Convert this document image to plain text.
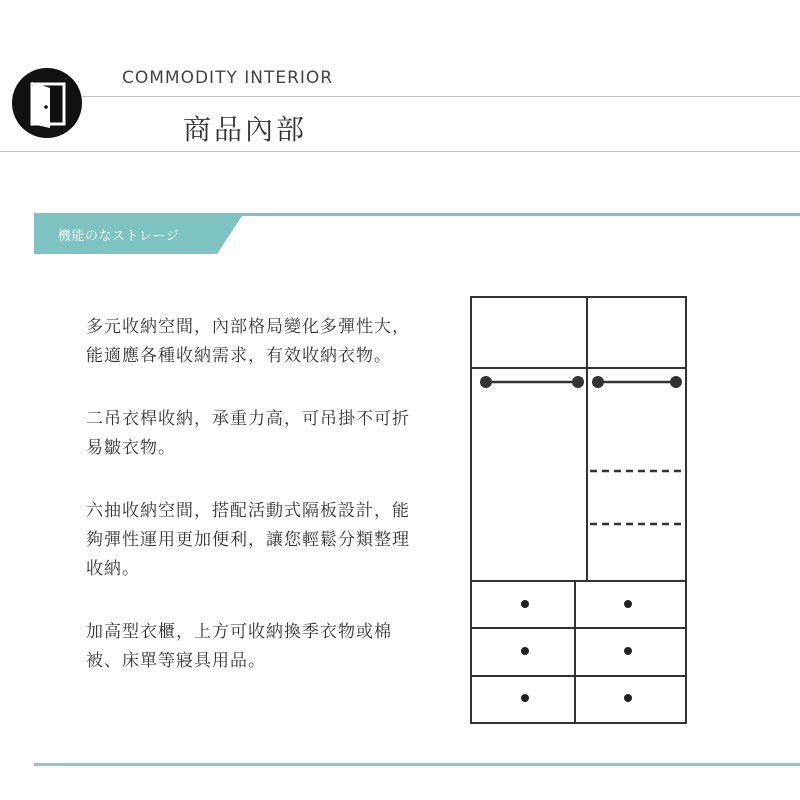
COMMODITY INTERIOR
商品內部
機能のなストレージ

多元收納空間，內部格局變化多彈性大，能適應各種收納需求，有效收納衣物。

二吊衣桿收納，承重力高，可吊掛不可折易皺衣物。

六抽收納空間，搭配活動式隔板設計，能夠彈性運用更加便利，讓您輕鬆分類整理收納。

加高型衣櫃，上方可收納換季衣物或棉被、床單等寢具用品。
